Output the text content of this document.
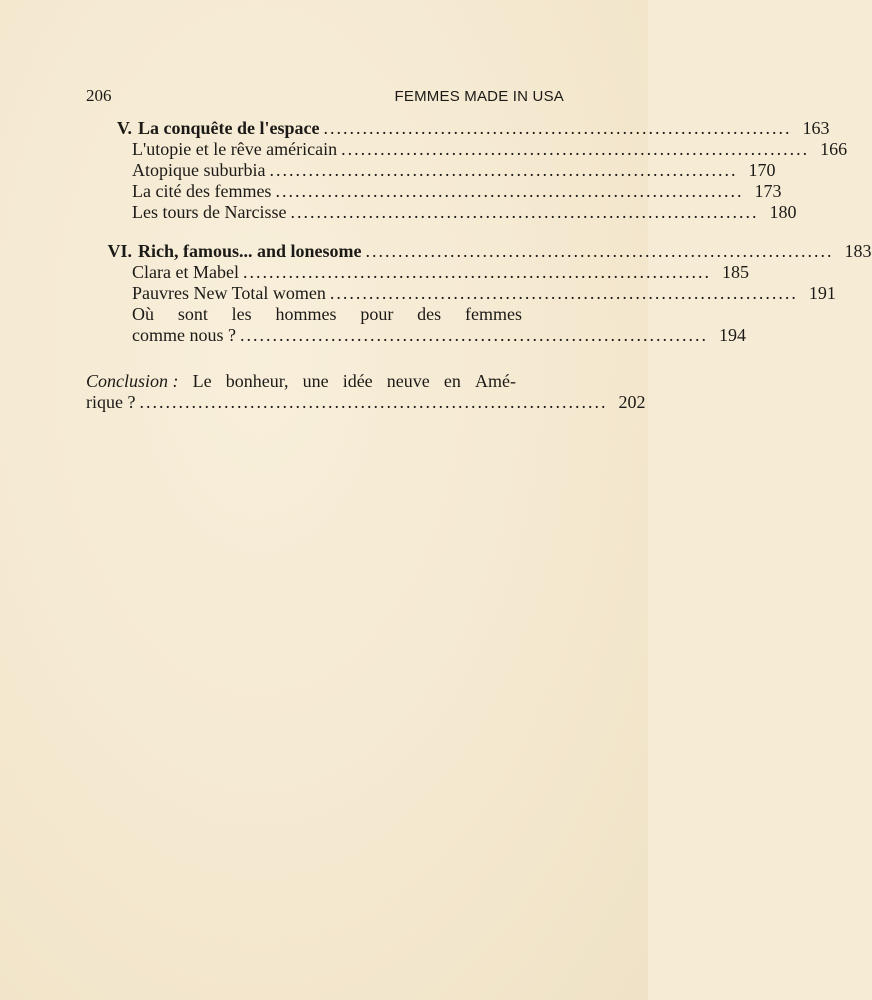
206	FEMMES MADE IN USA
V. La conquête de l'espace ........................................................................ 163
L'utopie et le rêve américain ........................................................................ 166
Atopique suburbia ........................................................................ 170
La cité des femmes ........................................................................ 173
Les tours de Narcisse ........................................................................ 180
VI. Rich, famous... and lonesome ........................................................................ 183
Clara et Mabel ........................................................................ 185
Pauvres New Total women ........................................................................ 191
Où sont les hommes pour des femmes
comme nous ? ........................................................................ 194
Conclusion : Le bonheur, une idée neuve en Amé-
rique ? ........................................................................ 202
